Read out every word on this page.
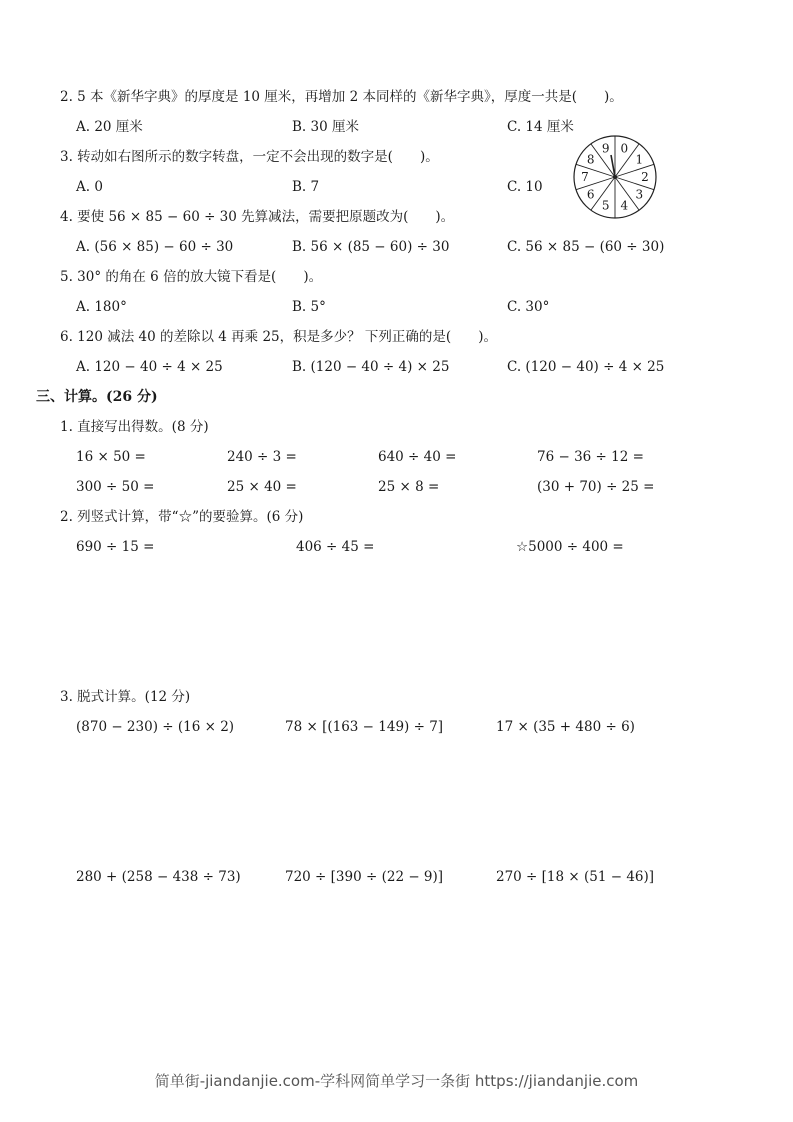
2. 5 本《新华字典》的厚度是 10 厘米，再增加 2 本同样的《新华字典》，厚度一共是(　　)。
A. 20 厘米	B. 30 厘米	C. 14 厘米
3. 转动如右图所示的数字转盘，一定不会出现的数字是(　　)。
A. 0	B. 7	C. 10
4. 要使 56 × 85 − 60 ÷ 30 先算减法，需要把原题改为(　　)。
A. (56 × 85) − 60 ÷ 30	B. 56 × (85 − 60) ÷ 30	C. 56 × 85 − (60 ÷ 30)
5. 30° 的角在 6 倍的放大镜下看是(　　)。
A. 180°	B. 5°	C. 30°
6. 120 减法 40 的差除以 4 再乘 25，积是多少？ 下列正确的是(　　)。
A. 120 − 40 ÷ 4 × 25	B. (120 − 40 ÷ 4) × 25	C. (120 − 40) ÷ 4 × 25
0
1
2
3
4
5
6
7
8
9
三、计算。(26 分)
1. 直接写出得数。(8 分)
16 × 50 =	240 ÷ 3 =	640 ÷ 40 =	76 − 36 ÷ 12 =
300 ÷ 50 =	25 × 40 =	25 × 8 =	(30 + 70) ÷ 25 =
2. 列竖式计算，带“☆”的要验算。(6 分)
690 ÷ 15 =	406 ÷ 45 =	☆5000 ÷ 400 =
3. 脱式计算。(12 分)
(870 − 230) ÷ (16 × 2)	78 × [(163 − 149) ÷ 7]	17 × (35 + 480 ÷ 6)
280 + (258 − 438 ÷ 73)	720 ÷ [390 ÷ (22 − 9)]	270 ÷ [18 × (51 − 46)]
简单街-jiandanjie.com-学科网简单学习一条街 https://jiandanjie.com
